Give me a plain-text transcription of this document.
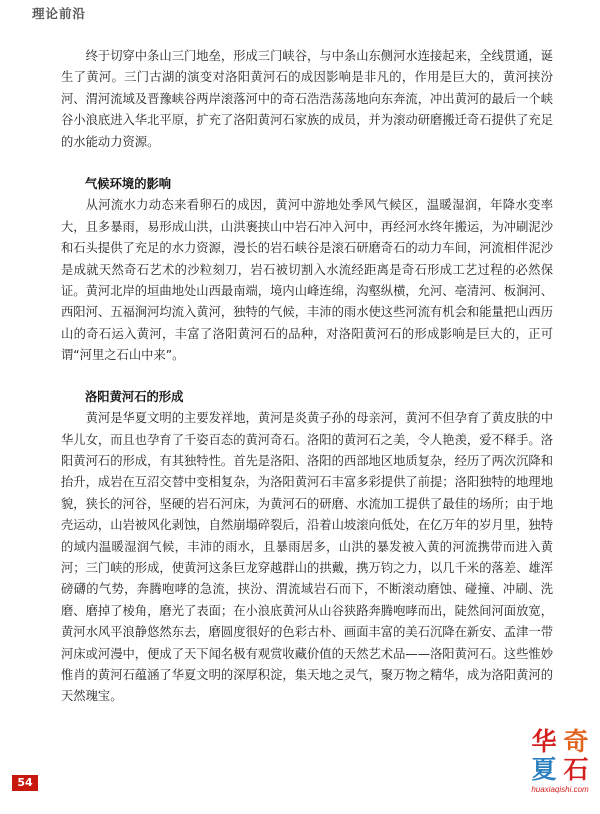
理论前沿

终于切穿中条山三门地垒，形成三门峡谷，与中条山东侧河水连接起来，全线贯通，诞生了黄河。三门古湖的演变对洛阳黄河石的成因影响是非凡的，作用是巨大的，黄河挟汾河、渭河流域及晋豫峡谷两岸滚落河中的奇石浩浩荡荡地向东奔流，冲出黄河的最后一个峡谷小浪底进入华北平原，扩充了洛阳黄河石家族的成员，并为滚动研磨搬迁奇石提供了充足的水能动力资源。

气候环境的影响

从河流水力动态来看卵石的成因，黄河中游地处季风气候区，温暖湿润，年降水变率大，且多暴雨，易形成山洪，山洪裹挟山中岩石冲入河中，再经河水终年搬运，为冲刷泥沙和石头提供了充足的水力资源，漫长的岩石峡谷是滚石研磨奇石的动力车间，河流相伴泥沙是成就天然奇石艺术的沙粒刻刀，岩石被切割入水流经距离是奇石形成工艺过程的必然保证。黄河北岸的垣曲地处山西最南端，境内山峰连绵，沟壑纵横，允河、亳清河、板涧河、西阳河、五福涧河均流入黄河，独特的气候，丰沛的雨水使这些河流有机会和能量把山西历山的奇石运入黄河，丰富了洛阳黄河石的品种，对洛阳黄河石的形成影响是巨大的，正可谓“河里之石山中来”。

洛阳黄河石的形成

黄河是华夏文明的主要发祥地，黄河是炎黄子孙的母亲河，黄河不但孕育了黄皮肤的中华儿女，而且也孕育了千姿百态的黄河奇石。洛阳的黄河石之美，令人艳羡，爱不释手。洛阳黄河石的形成，有其独特性。首先是洛阳、洛阳的西部地区地质复杂，经历了两次沉降和抬升，成岩在互沼交替中变相复杂，为洛阳黄河石丰富多彩提供了前提；洛阳独特的地理地貌，狭长的河谷，坚硬的岩石河床，为黄河石的研磨、水流加工提供了最佳的场所；由于地壳运动，山岩被风化剥蚀，自然崩塌碎裂后，沿着山坡滚向低处，在亿万年的岁月里，独特的域内温暖湿润气候，丰沛的雨水，且暴雨居多，山洪的暴发被入黄的河流携带而进入黄河；三门峡的形成，使黄河这条巨龙穿越群山的拱戴，携万钧之力，以几千米的落差、雄浑磅礴的气势，奔腾咆哮的急流，挟汾、渭流域岩石而下，不断滚动磨蚀、碰撞、冲刷、洗磨、磨掉了棱角，磨光了表面；在小浪底黄河从山谷狭路奔腾咆哮而出，陡然间河面放宽，黄河水风平浪静悠然东去，磨圆度很好的色彩古朴、画面丰富的美石沉降在新安、孟津一带河床或河漫中，便成了天下闻名极有观赏收藏价值的天然艺术品——洛阳黄河石。这些惟妙惟肖的黄河石蕴涵了华夏文明的深厚积淀，集天地之灵气，聚万物之精华，成为洛阳黄河的天然瑰宝。

54
华 奇
夏 石
huaxiaqishi.com
